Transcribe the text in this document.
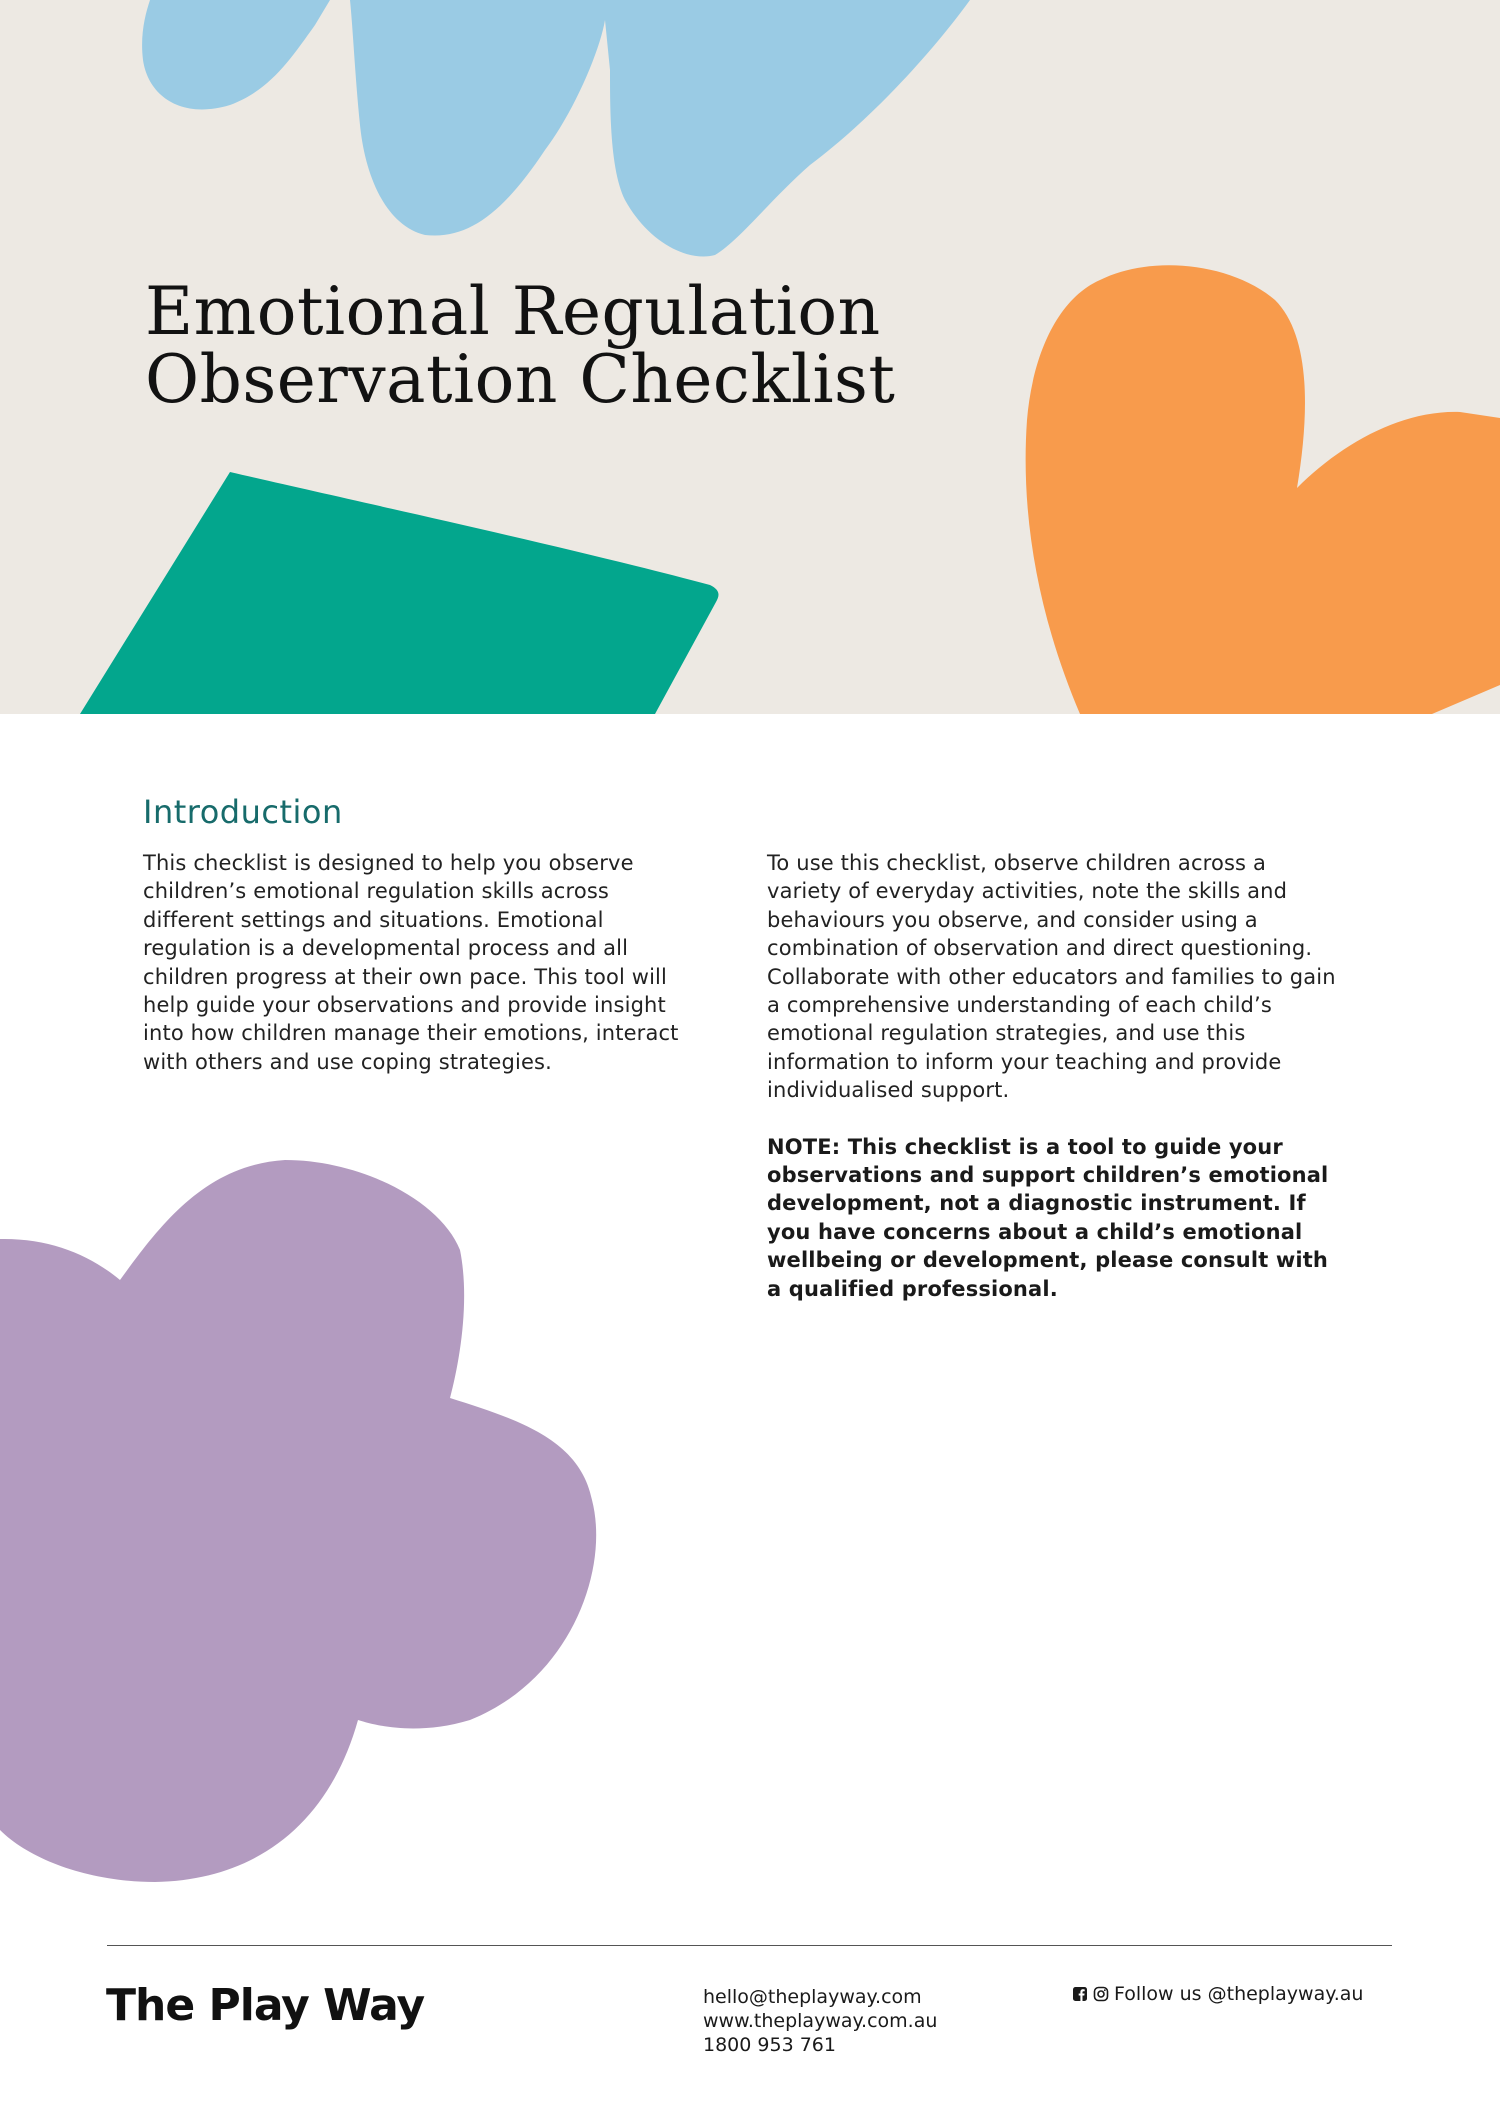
Emotional Regulation
Observation Checklist
Introduction

This checklist is designed to help you observe children’s emotional regulation skills across different settings and situations. Emotional regulation is a developmental process and all children progress at their own pace. This tool will help guide your observations and provide insight into how children manage their emotions, interact with others and use coping strategies.

To use this checklist, observe children across a variety of everyday activities, note the skills and behaviours you observe, and consider using a combination of observation and direct questioning. Collaborate with other educators and families to gain a comprehensive understanding of each child’s emotional regulation strategies, and use this information to inform your teaching and provide individualised support.

NOTE: This checklist is a tool to guide your observations and support children’s emotional development, not a diagnostic instrument. If you have concerns about a child’s emotional wellbeing or development, please consult with a qualified professional.

The Play Way	hello@theplayway.com
www.theplayway.com.au
1800 953 761
Follow us @theplayway.au
